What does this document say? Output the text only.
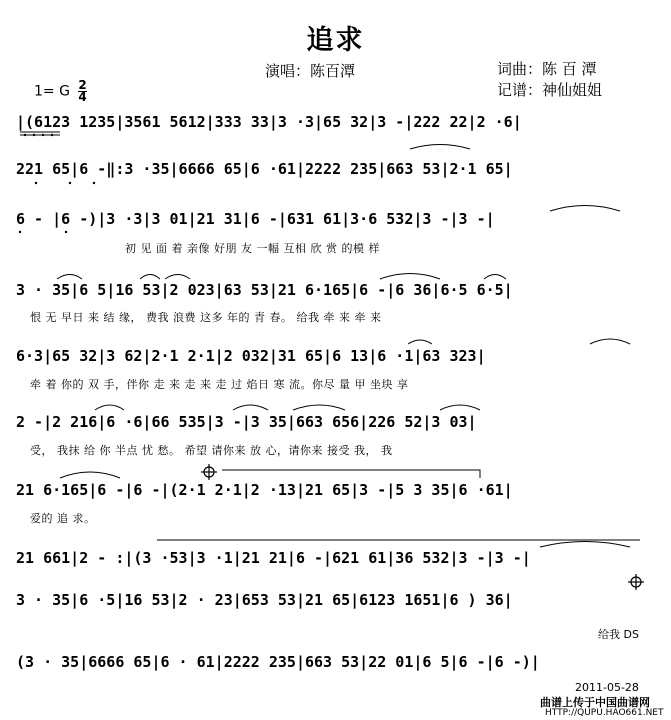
追求
演唱：陈百潭	词曲：陈 百 潭
记谱：神仙姐姐
1= G $\frac{2}{4}$
|(6123 1235|3561 5612|333 33|3 ·3|65 32|3 -|222 22|2 ·6|
221 65|6 -‖:3 ·35|6666 65|6 ·61|2222 235|663 53|2·1 65|
6 - |6 -)|3 ·3|3 01|21 31|6 -|631 61|3·6 532|3 -|3 -|
初 见 面 着 亲像 好朋 友 一幅 互相 欣 赏 的模 样
3 · 35|6 5|16 53|2 023|63 53|21 6·165|6 -|6 36|6·5 6·5|
恨 无 早日 来 结 缘， 费我 浪费 这多 年的 青 春。 给我 牵 来 牵 来
6·3|65 32|3 62|2·1 2·1|2 032|31 65|6 13|6 ·1|63 323|
牵 着 你的 双 手，伴你 走 来 走 来 走 过 焰日 寒 流。你尽 量 甲 坐块 享
2 -|2 216|6 ·6|66 535|3 -|3 35|663 656|226 52|3 03|
受， 我抹 给 你 半点 忧 愁。 希望 请你来 放 心，请你来 接受 我， 我
21 6·165|6 -|6 -|(2·1 2·1|2 ·13|21 65|3 -|5 3 35|6 ·61|
爱的 追 求。
21 661|2 - :|(3 ·53|3 ·1|21 21|6 -|621 61|36 532|3 -|3 -|
3 · 35|6 ·5|16 53|2 · 23|653 53|21 65|6123 1651|6 ) 36|
给我 DS
(3 · 35|6666 65|6 · 61|2222 235|663 53|22 01|6 5|6 -|6 -)|
2011-05-28
曲谱上传于中国曲谱网
HTTP://QUPU.HAO661.NET
